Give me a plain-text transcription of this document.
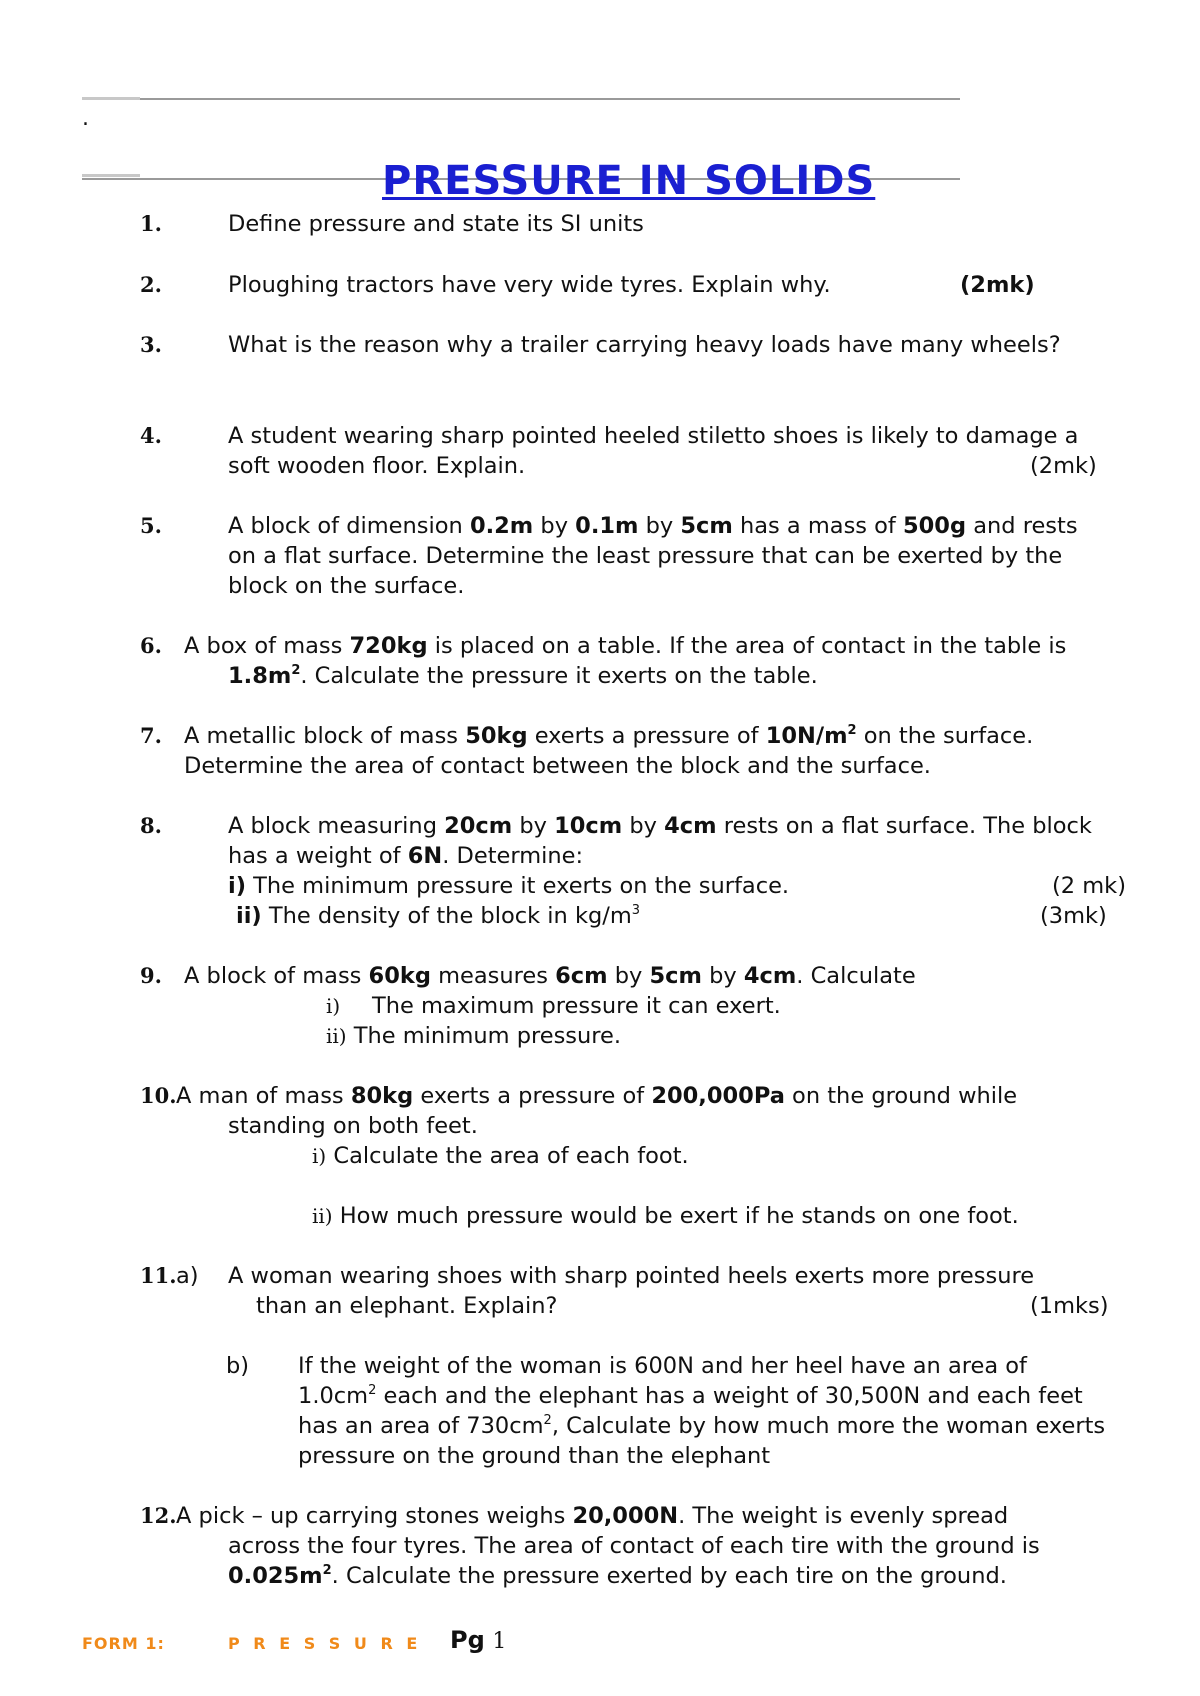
.
PRESSURE IN SOLIDS
1.	Define pressure and state its SI units
2.	Ploughing tractors have very wide tyres. Explain why.	(2mk)
3.	What is the reason why a trailer carrying heavy loads have many wheels?
4.	A student wearing sharp pointed heeled stiletto shoes is likely to damage a
soft wooden floor. Explain.	(2mk)
5.	A block of dimension 0.2m by 0.1m by 5cm has a mass of 500g and rests
on a flat surface. Determine the least pressure that can be exerted by the
block on the surface.
6. A box of mass 720kg is placed on a table. If the area of contact in the table is
$1.8m^2$. Calculate the pressure it exerts on the table.
7. A metallic block of mass 50kg exerts a pressure of $10N/m^2$ on the surface.
Determine the area of contact between the block and the surface.
8.	A block measuring 20cm by 10cm by 4cm rests on a flat surface. The block
has a weight of 6N. Determine:
i) The minimum pressure it exerts on the surface.	(2 mk)
ii) The density of the block in $kg/m^3$	(3mk)
9. A block of mass 60kg measures 6cm by 5cm by 4cm. Calculate
i) The maximum pressure it can exert.
ii) The minimum pressure.
10. A man of mass 80kg exerts a pressure of 200,000Pa on the ground while
standing on both feet.
i) Calculate the area of each foot.
ii) How much pressure would be exert if he stands on one foot.
11. a) A woman wearing shoes with sharp pointed heels exerts more pressure
than an elephant. Explain?	(1mks)
b) If the weight of the woman is 600N and her heel have an area of
$1.0cm^2$ each and the elephant has a weight of 30,500N and each feet
has an area of $730cm^2$, Calculate by how much more the woman exerts
pressure on the ground than the elephant
12. A pick – up carrying stones weighs 20,000N. The weight is evenly spread
across the four tyres. The area of contact of each tire with the ground is
$0.025m^2$. Calculate the pressure exerted by each tire on the ground.
FORM 1:	P R E S S U R E Pg 1
